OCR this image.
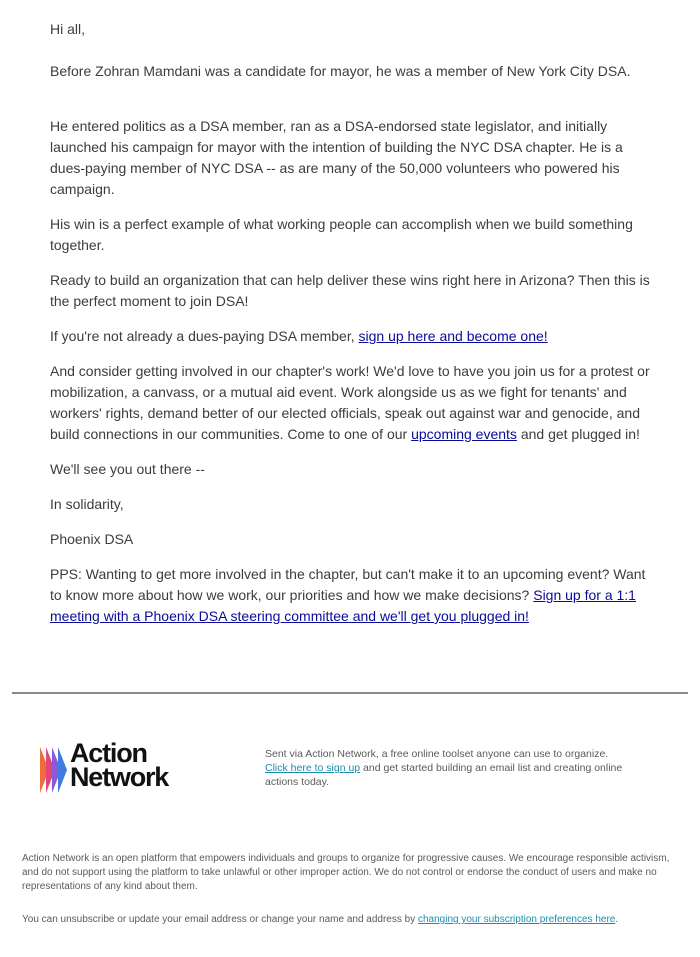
Hi all,

Before Zohran Mamdani was a candidate for mayor, he was a member of New York City DSA.

He entered politics as a DSA member, ran as a DSA-endorsed state legislator, and initially launched his campaign for mayor with the intention of building the NYC DSA chapter. He is a dues-paying member of NYC DSA -- as are many of the 50,000 volunteers who powered his campaign.

His win is a perfect example of what working people can accomplish when we build something together.

Ready to build an organization that can help deliver these wins right here in Arizona? Then this is the perfect moment to join DSA!

If you're not already a dues-paying DSA member, sign up here and become one!

And consider getting involved in our chapter's work! We'd love to have you join us for a protest or mobilization, a canvass, or a mutual aid event. Work alongside us as we fight for tenants' and workers' rights, demand better of our elected officials, speak out against war and genocide, and build connections in our communities. Come to one of our upcoming events and get plugged in!

We'll see you out there --

In solidarity,

Phoenix DSA

PPS: Wanting to get more involved in the chapter, but can't make it to an upcoming event? Want to know more about how we work, our priorities and how we make decisions? Sign up for a 1:1 meeting with a Phoenix DSA steering committee and we'll get you plugged in!

Action
Network

Sent via Action Network, a free online toolset anyone can use to organize.

Click here to sign up and get started building an email list and creating online actions today.

Action Network is an open platform that empowers individuals and groups to organize for progressive causes. We encourage responsible activism, and do not support using the platform to take unlawful or other improper action. We do not control or endorse the conduct of users and make no representations of any kind about them.

You can unsubscribe or update your email address or change your name and address by changing your subscription preferences here.
